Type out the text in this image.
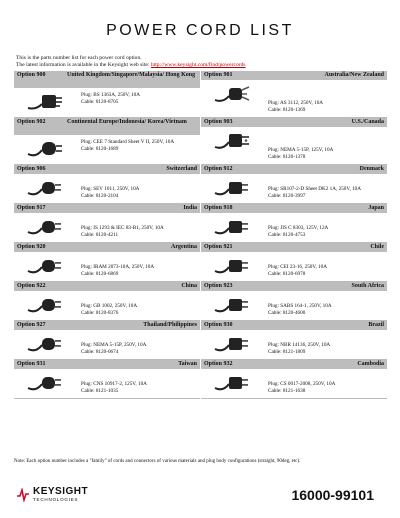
POWER CORD LIST
This is the parts number list for each power cord option.
The latest information is available in the Keysight web site: http://www.keysight.com/find/powercords
Option 900	United Kingdom/Singapore/Malaysia/ Hong Kong
Plug: BS 1363A, 250V, 10A
Cable: 8120-8705
Option 901	Australia/New Zealand
Plug: AS 3112, 250V, 10A
Cable: 8120-1369
Option 902	Continental Europe/Indonesia/ Korea/Vietnam
Plug: CEE 7 Standard Sheet V II, 250V, 10A
Cable: 8120-1689
Option 903	U.S./Canada
Plug: NEMA 5-15P, 125V, 10A
Cable: 8120-1378
Option 906	Switzerland
Plug: SEV 1011, 250V, 10A
Cable: 8120-2104
Option 912	Denmark
Plug: SR107-2-D Sheet DK2 1A, 250V, 10A
Cable: 8120-3997
Option 917	India
Plug: IS 1293 & IEC 83-B1, 250V, 10A
Cable: 8120-4211
Option 918	Japan
Plug: JIS C 8303, 125V, 12A
Cable: 8120-4753
Option 920	Argentina
Plug: IRAM 2073-10A, 250V, 10A
Cable: 8120-6869
Option 921	Chile
Plug: CEI 23-16, 250V, 10A
Cable: 8120-6978
Option 922	China
Plug: GB 1002, 250V, 10A
Cable: 8120-8376
Option 923	South Africa
Plug: SABS 164-1, 250V, 10A
Cable: 8120-4600
Option 927	Thailand/Philippines
Plug: NEMA 5-15P, 250V, 10A
Cable: 8120-0674
Option 930	Brazil
Plug: NBR 14136, 250V, 10A
Cable: 8121-1809
Option 931	Taiwan
Plug: CNS 10917-2, 125V, 10A
Cable: 8121-1035
Option 932	Cambodia
Plug: CS 0017-2008, 250V, 10A
Cable: 8121-1638
Note: Each option number includes a "family" of cords and connectors of various materials and plug body configurations (straight, 90deg, etc).
KEYSIGHT
TECHNOLOGIES	16000-99101
